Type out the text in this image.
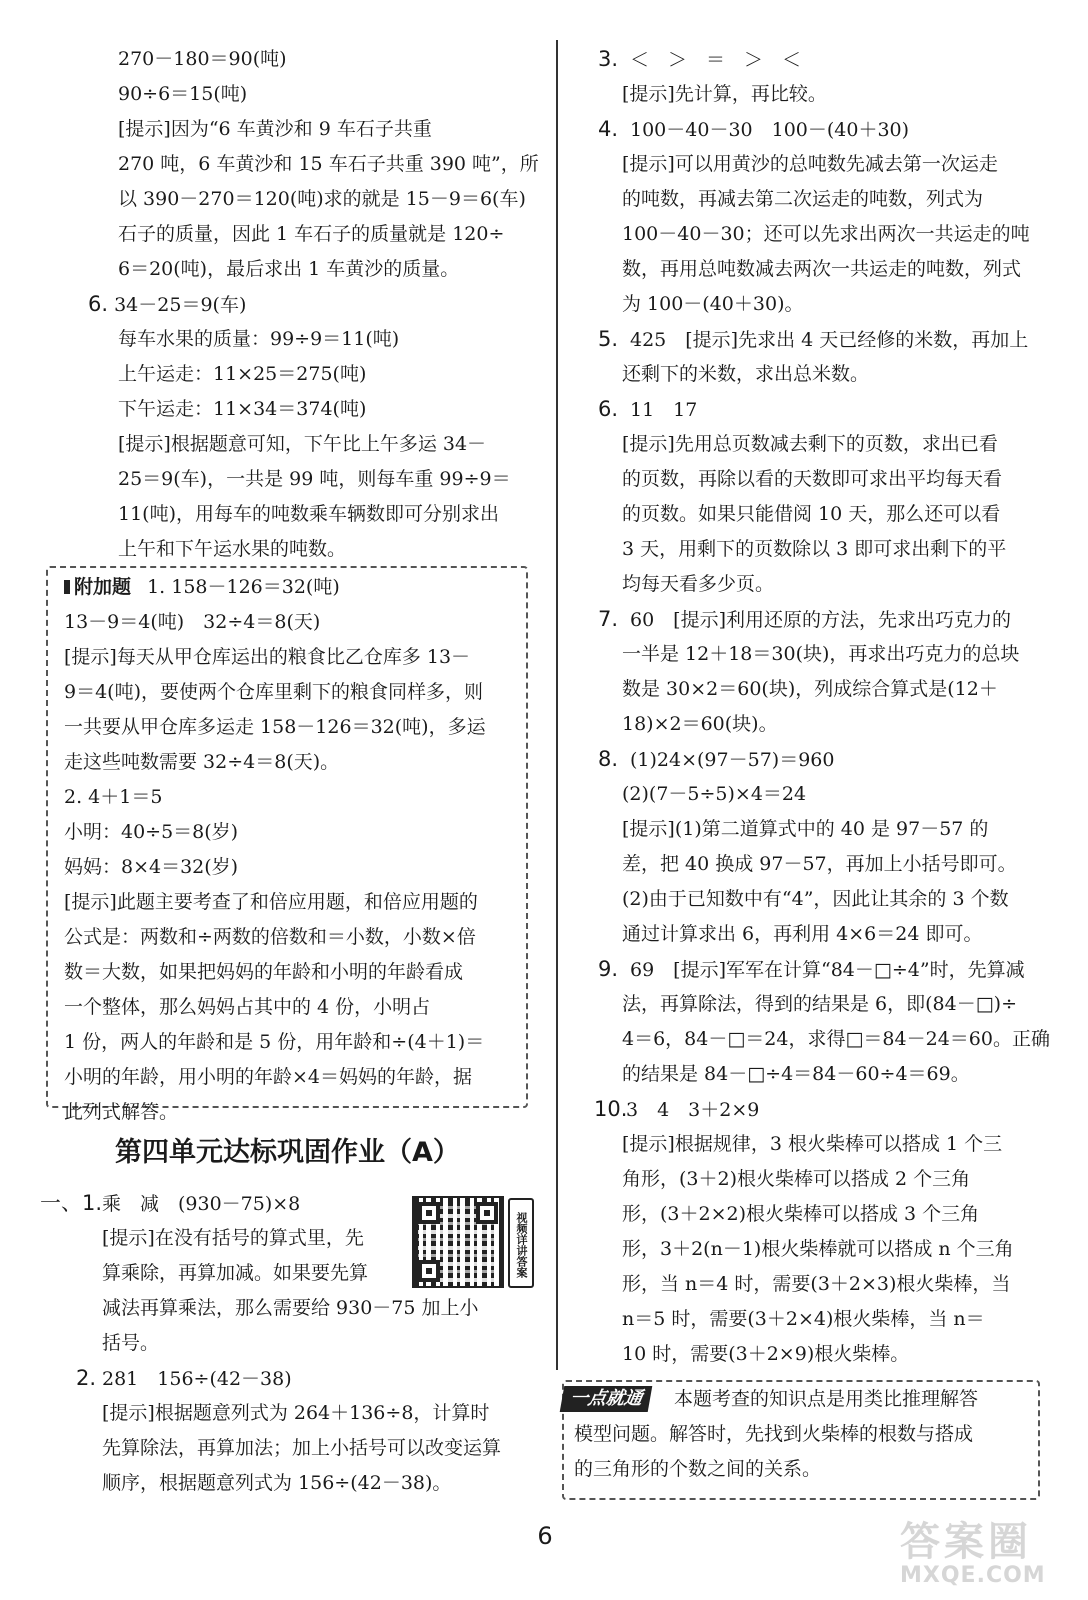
270－180＝90(吨)
90÷6＝15(吨)
[提示]因为“6 车黄沙和 9 车石子共重
270 吨，6 车黄沙和 15 车石子共重 390 吨”，所
以 390－270＝120(吨)求的就是 15－9＝6(车)
石子的质量，因此 1 车石子的质量就是 120÷
6＝20(吨)，最后求出 1 车黄沙的质量。
6. 34－25＝9(车)
每车水果的质量：99÷9＝11(吨)
上午运走：11×25＝275(吨)
下午运走：11×34＝374(吨)
[提示]根据题意可知，下午比上午多运 34－
25＝9(车)，一共是 99 吨，则每车重 99÷9＝
11(吨)，用每车的吨数乘车辆数即可分别求出
上午和下午运水果的吨数。
附加题 1. 158－126＝32(吨)
13－9＝4(吨)　32÷4＝8(天)
[提示]每天从甲仓库运出的粮食比乙仓库多 13－
9＝4(吨)，要使两个仓库里剩下的粮食同样多，则
一共要从甲仓库多运走 158－126＝32(吨)，多运
走这些吨数需要 32÷4＝8(天)。
2. 4＋1＝5
小明：40÷5＝8(岁)
妈妈：8×4＝32(岁)
[提示]此题主要考查了和倍应用题，和倍应用题的
公式是：两数和÷两数的倍数和＝小数，小数×倍
数＝大数，如果把妈妈的年龄和小明的年龄看成
一个整体，那么妈妈占其中的 4 份，小明占
1 份，两人的年龄和是 5 份，用年龄和÷(4＋1)＝
小明的年龄，用小明的年龄×4＝妈妈的年龄，据
此列式解答。
第四单元达标巩固作业（A）
一、1.乘　减　(930－75)×8
[提示]在没有括号的算式里，先
算乘除，再算加减。如果要先算
减法再算乘法，那么需要给 930－75 加上小
括号。
2. 281　156÷(42－38)
[提示]根据题意列式为 264＋136÷8，计算时
先算除法，再算加法；加上小括号可以改变运算
顺序，根据题意列式为 156÷(42－38)。
视频详讲答案
3. ＜　＞　＝　＞　＜
[提示]先计算，再比较。
4. 100－40－30　100－(40＋30)
[提示]可以用黄沙的总吨数先减去第一次运走
的吨数，再减去第二次运走的吨数，列式为
100－40－30；还可以先求出两次一共运走的吨
数，再用总吨数减去两次一共运走的吨数，列式
为 100－(40＋30)。
5. 425　[提示]先求出 4 天已经修的米数，再加上
还剩下的米数，求出总米数。
6. 11　17
[提示]先用总页数减去剩下的页数，求出已看
的页数，再除以看的天数即可求出平均每天看
的页数。如果只能借阅 10 天，那么还可以看
3 天，用剩下的页数除以 3 即可求出剩下的平
均每天看多少页。
7. 60　[提示]利用还原的方法，先求出巧克力的
一半是 12＋18＝30(块)，再求出巧克力的总块
数是 30×2＝60(块)，列成综合算式是(12＋
18)×2＝60(块)。
8. (1)24×(97－57)＝960
(2)(7－5÷5)×4＝24
[提示](1)第二道算式中的 40 是 97－57 的
差，把 40 换成 97－57，再加上小括号即可。
(2)由于已知数中有“4”，因此让其余的 3 个数
通过计算求出 6，再利用 4×6＝24 即可。
9. 69　[提示]军军在计算“84－□÷4”时，先算减
法，再算除法，得到的结果是 6，即(84－□)÷
4＝6，84－□＝24，求得□＝84－24＝60。正确
的结果是 84－□÷4＝84－60÷4＝69。
10.3　4　3＋2×9
[提示]根据规律，3 根火柴棒可以搭成 1 个三
角形，(3＋2)根火柴棒可以搭成 2 个三角
形，(3＋2×2)根火柴棒可以搭成 3 个三角
形，3＋2(n－1)根火柴棒就可以搭成 n 个三角
形，当 n＝4 时，需要(3＋2×3)根火柴棒，当
n＝5 时，需要(3＋2×4)根火柴棒，当 n＝
10 时，需要(3＋2×9)根火柴棒。
一点就通	本题考查的知识点是用类比推理解答
模型问题。解答时，先找到火柴棒的根数与搭成
的三角形的个数之间的关系。
6	答案圈
MXQE.COM
